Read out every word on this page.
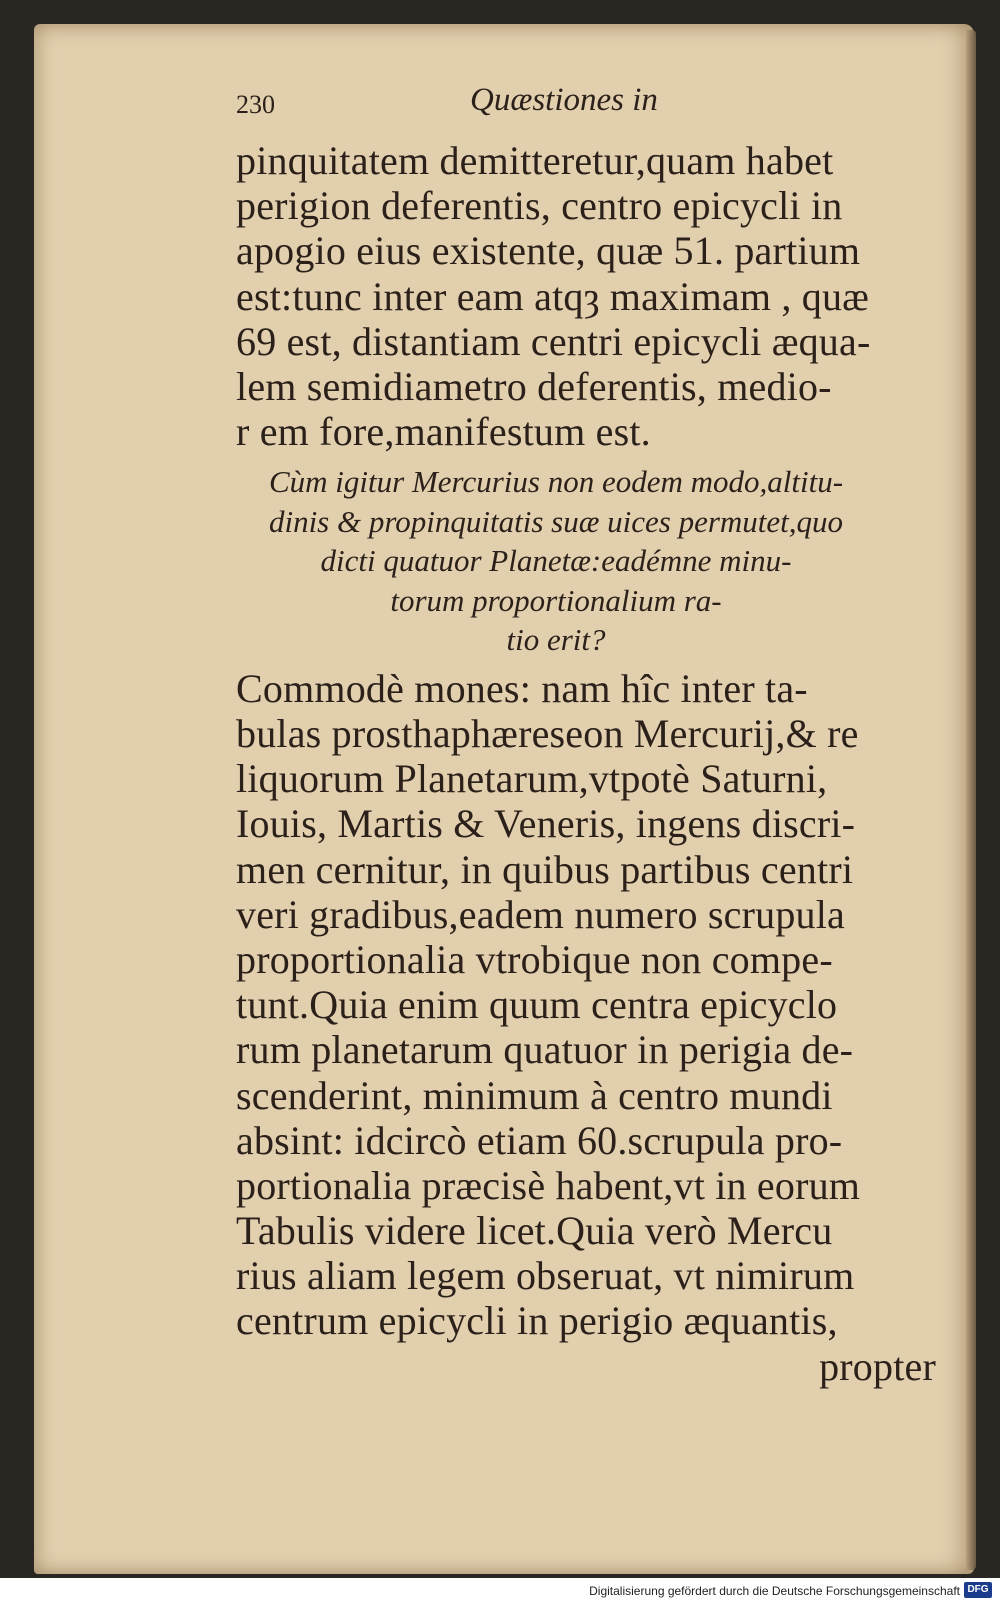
230	Quæstiones in
pinquitatem demitteretur,quam habet
perigion deferentis, centro epicycli in
apogio eius existente, quæ 51. partium
est:tunc inter eam atqȝ maximam , quæ
69 est, distantiam centri epicycli æqua-
lem semidiametro deferentis, medio-
r em fore,manifestum est.
Cùm igitur Mercurius non eodem modo,altitu-
dinis & propinquitatis suæ uices permutet,quo
dicti quatuor Planetæ:eadémne minu-
torum proportionalium ra-
tio erit?
Commodè mones: nam hîc inter ta-
bulas prosthaphæreseon Mercurij,& re
liquorum Planetarum,vtpotè Saturni,
Iouis, Martis & Veneris, ingens discri-
men cernitur, in quibus partibus centri
veri gradibus,eadem numero scrupula
proportionalia vtrobique non compe-
tunt.Quia enim quum centra epicyclo
rum planetarum quatuor in perigia de-
scenderint, minimum à centro mundi
absint: idcircò etiam 60.scrupula pro-
portionalia præcisè habent,vt in eorum
Tabulis videre licet.Quia verò Mercu
rius aliam legem obseruat, vt nimirum
centrum epicycli in perigio æquantis,
propter
Digitalisierung gefördert durch die Deutsche Forschungsgemeinschaft DFG
